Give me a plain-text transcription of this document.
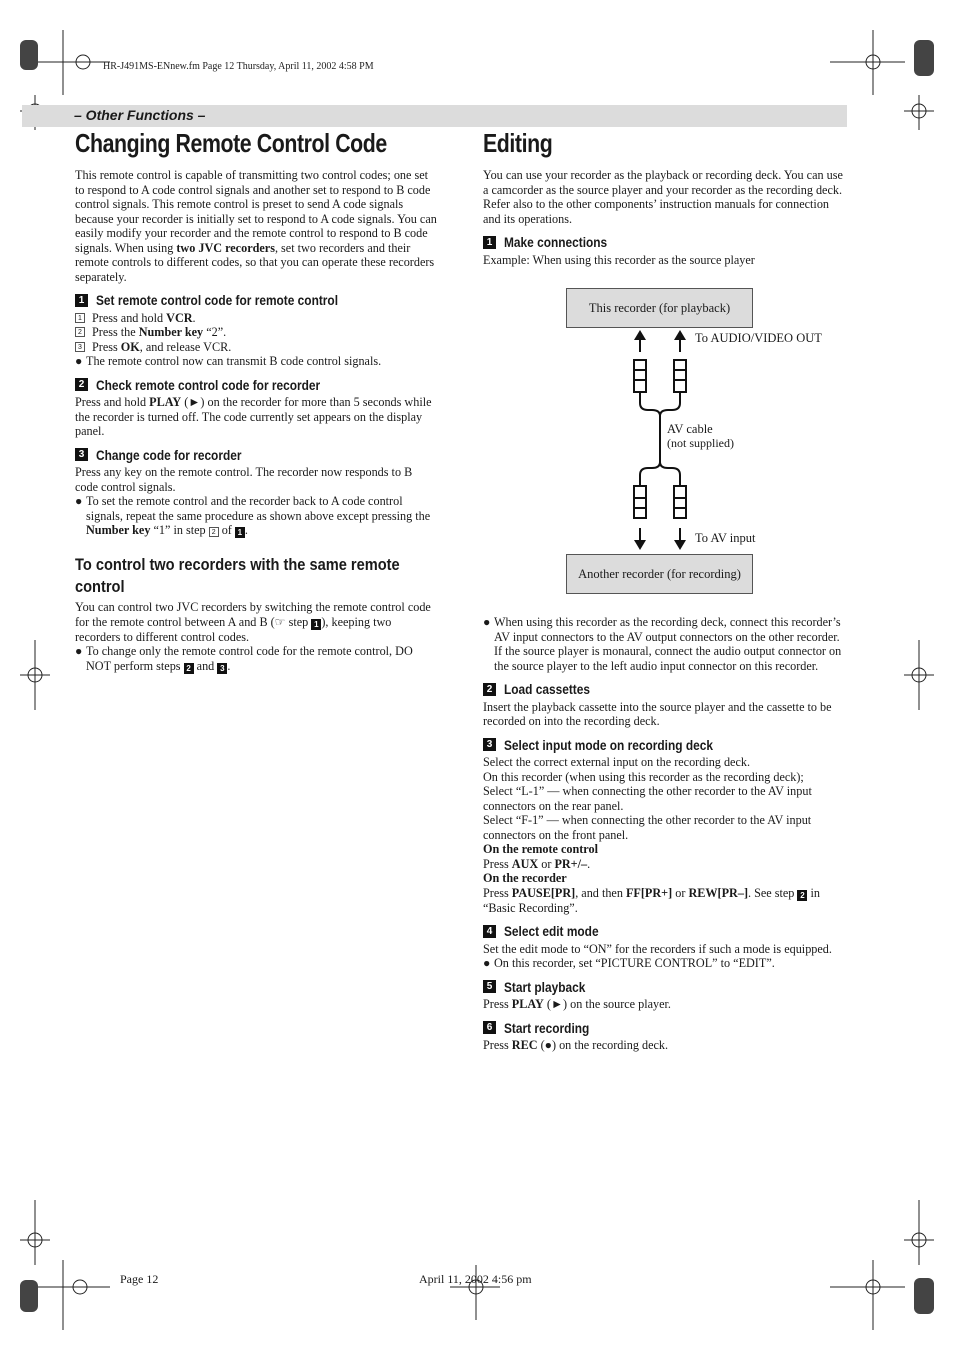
HR-J491MS-ENnew.fm Page 12 Thursday, April 11, 2002 4:58 PM
– Other Functions –
Changing Remote Control Code

This remote control is capable of transmitting two control codes; one set to respond to A code control signals and another set to respond to B code control signals. This remote control is preset to send A code signals because your recorder is initially set to respond to A code signals. You can easily modify your recorder and the remote control to respond to B code signals. When using two JVC recorders, set two recorders and their remote controls to different codes, so that you can operate these recorders separately.

1 Set remote control code for remote control
1 Press and hold VCR.
2 Press the Number key “2”.
3 Press OK, and release VCR.
● The remote control now can transmit B code control signals.
2 Check remote control code for recorder

Press and hold PLAY (►) on the recorder for more than 5 seconds while the recorder is turned off. The code currently set appears on the display panel.

3 Change code for recorder

Press any key on the remote control. The recorder now responds to B code control signals.

● To set the remote control and the recorder back to A code control signals, repeat the same procedure as shown above except pressing the Number key “1” in step 2 of 1 .
To control two recorders with the same remote control

You can control two JVC recorders by switching the remote control code for the remote control between A and B (☞ step 1 ), keeping two recorders to different control codes.

● To change only the remote control code for the remote control, DO NOT perform steps 2 and 3 .
Editing

You can use your recorder as the playback or recording deck. You can use a camcorder as the source player and your recorder as the recording deck. Refer also to the other components’ instruction manuals for connection and its operations.

1 Make connections

Example: When using this recorder as the source player

This recorder (for playback)
To AUDIO/VIDEO OUT
AV cable
(not supplied)
To AV input
Another recorder (for recording)
● When using this recorder as the recording deck, connect this recorder’s AV input connectors to the AV output connectors on the other recorder. If the source player is monaural, connect the audio output connector on the source player to the left audio input connector on this recorder.
2 Load cassettes

Insert the playback cassette into the source player and the cassette to be recorded on into the recording deck.

3 Select input mode on recording deck

Select the correct external input on the recording deck.

On this recorder (when using this recorder as the recording deck);

Select “L-1” — when connecting the other recorder to the AV input connectors on the rear panel.

Select “F-1” — when connecting the other recorder to the AV input connectors on the front panel.

On the remote control

Press AUX or PR+/–.

On the recorder

Press PAUSE[PR], and then FF[PR+] or REW[PR–]. See step 2 in “Basic Recording”.

4 Select edit mode

Set the edit mode to “ON” for the recorders if such a mode is equipped.

● On this recorder, set “PICTURE CONTROL” to “EDIT”.
5 Start playback

Press PLAY (►) on the source player.

6 Start recording

Press REC (●) on the recording deck.

Page 12	April 11, 2002 4:56 pm
